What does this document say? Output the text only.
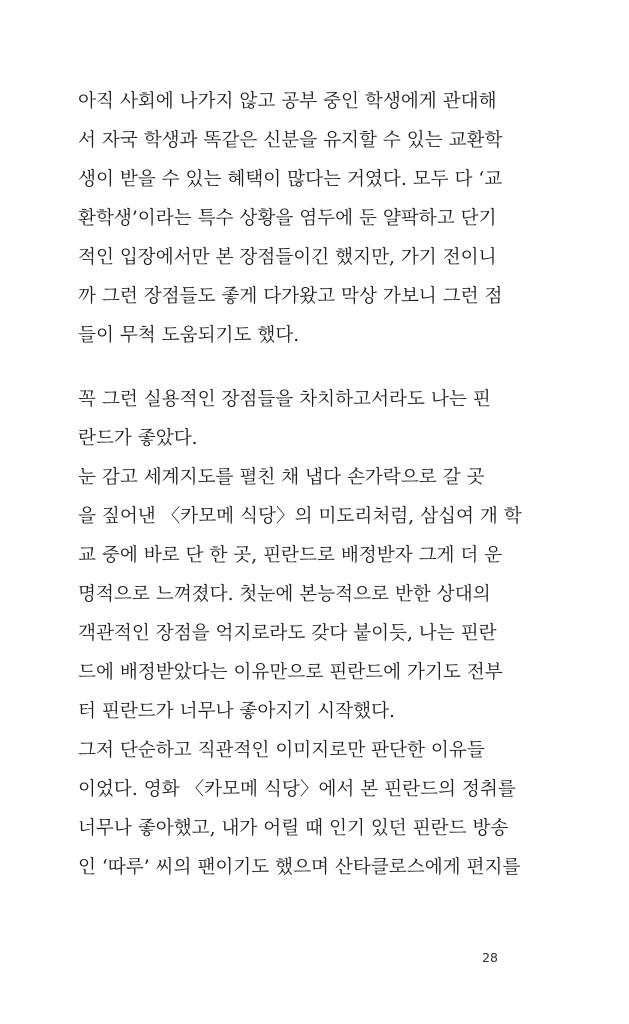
아직 사회에 나가지 않고 공부 중인 학생에게 관대해
서 자국 학생과 똑같은 신분을 유지할 수 있는 교환학
생이 받을 수 있는 혜택이 많다는 거였다. 모두 다 ‘교
환학생’이라는 특수 상황을 염두에 둔 얄팍하고 단기
적인 입장에서만 본 장점들이긴 했지만, 가기 전이니
까 그런 장점들도 좋게 다가왔고 막상 가보니 그런 점
들이 무척 도움되기도 했다.
꼭 그런 실용적인 장점들을 차치하고서라도 나는 핀
란드가 좋았다.
눈 감고 세계지도를 펼친 채 냅다 손가락으로 갈 곳
을 짚어낸 〈카모메 식당〉의 미도리처럼, 삼십여 개 학
교 중에 바로 단 한 곳, 핀란드로 배정받자 그게 더 운
명적으로 느껴졌다. 첫눈에 본능적으로 반한 상대의
객관적인 장점을 억지로라도 갖다 붙이듯, 나는 핀란
드에 배정받았다는 이유만으로 핀란드에 가기도 전부
터 핀란드가 너무나 좋아지기 시작했다.
그저 단순하고 직관적인 이미지로만 판단한 이유들
이었다. 영화 〈카모메 식당〉에서 본 핀란드의 정취를
너무나 좋아했고, 내가 어릴 때 인기 있던 핀란드 방송
인 ‘따루’ 씨의 팬이기도 했으며 산타클로스에게 편지를
28
